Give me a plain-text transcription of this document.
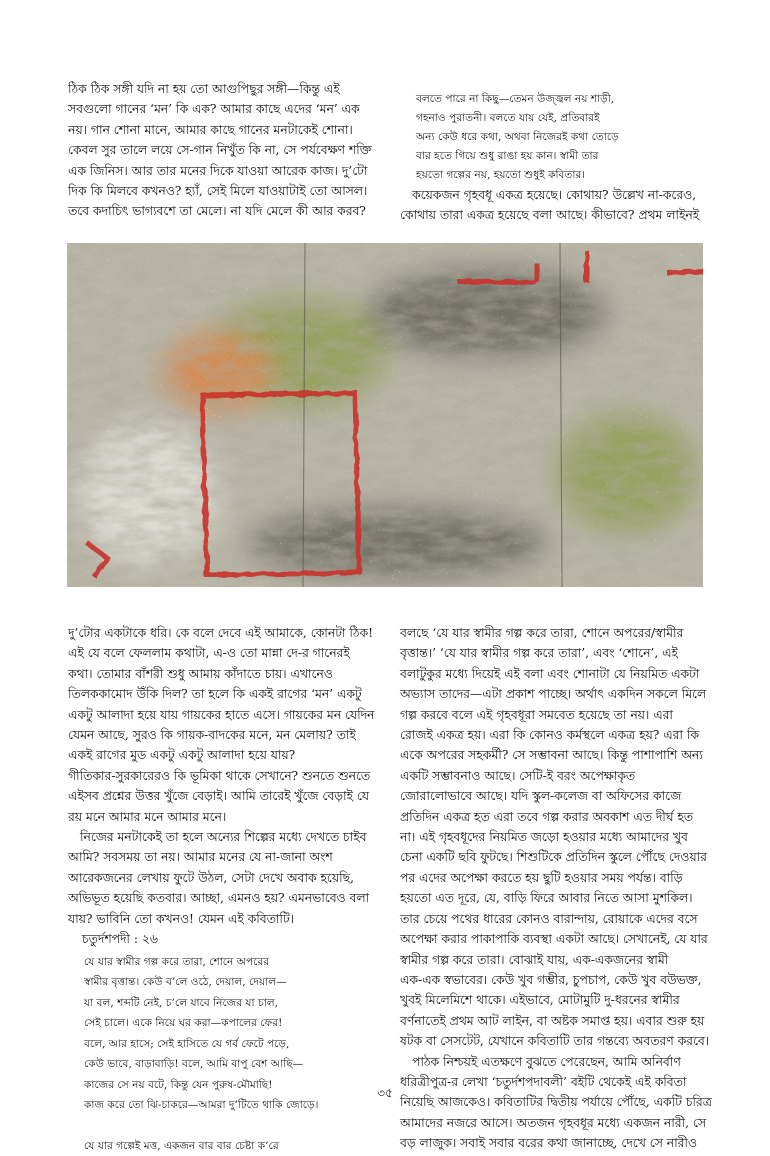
ঠিক ঠিক সঙ্গী যদি না হয় তো আগুপিছুর সঙ্গী—কিন্তু এই

সবগুলো গানের ‘মন’ কি এক? আমার কাছে এদের ‘মন’ এক

নয়। গান শোনা মানে, আমার কাছে গানের মনটাকেই শোনা।

কেবল সুর তালে লয়ে সে-গান নিখুঁত কি না, সে পর্যবেক্ষণ শক্তি

এক জিনিস। আর তার মনের দিকে যাওয়া আরেক কাজ। দু’টো

দিক কি মিলবে কখনও? হ্যাঁ, সেই মিলে যাওয়াটাই তো আসল।

তবে কদাচিৎ ভাগ্যবশে তা মেলে। না যদি মেলে কী আর করব?

বলতে পারে না কিছু—তেমন উজ্জ্বল নয় শাড়ী,
গহনাও পুরাতনী। বলতে যায় যেই, প্রতিবারই
অন্য কেউ ধরে কথা, অথবা নিজেরই কথা তোড়ে
বার হতে গিয়ে শুধু রাঙা হয় কান। স্বামী তার
হয়তো গল্পের নয়, হয়তো শুধুই কবিতার।

কয়েকজন গৃহবধূ একত্র হয়েছে। কোথায়? উল্লেখ না-করেও,

কোথায় তারা একত্র হয়েছে বলা আছে। কীভাবে? প্রথম লাইনই

দু’টোর একটাকে ধরি। কে বলে দেবে এই আমাকে, কোনটা ঠিক!

এই যে বলে ফেললাম কথাটা, এ-ও তো মান্না দে-র গানেরই

কথা। তোমার বাঁশরী শুধু আমায় কাঁদাতে চায়। এখানেও

তিলককামোদ উঁকি দিল? তা হলে কি একই রাগের ‘মন’ একটু

একটু আলাদা হয়ে যায় গায়কের হাতে এসে। গায়কের মন যেদিন

যেমন আছে, সুরও কি গায়ক-বাদকের মনে, মন মেলায়? তাই

একই রাগের মুড একটু একটু আলাদা হয়ে যায়?

গীতিকার-সুরকারেরও কি ভূমিকা থাকে সেখানে? শুনতে শুনতে

এইসব প্রশ্নের উত্তর খুঁজে বেড়াই। আমি তারেই খুঁজে বেড়াই যে

রয় মনে আমার মনে আমার মনে।

নিজের মনটাকেই তা হলে অন্যের শিল্পের মধ্যে দেখতে চাইব

আমি? সবসময় তা নয়। আমার মনের যে না-জানা অংশ

আরেকজনের লেখায় ফুটে উঠল, সেটা দেখে অবাক হয়েছি,

অভিভূত হয়েছি কতবার। আচ্ছা, এমনও হয়? এমনভাবেও বলা

যায়? ভাবিনি তো কখনও! যেমন এই কবিতাটি।

চতুর্দশপদী : ২৬

যে যার স্বামীর গল্প করে তারা, শোনে অপরের
স্বামীর বৃত্তান্ত। কেউ ব’লে ওঠে, দেয়াল, দেয়াল—
যা বল, শব্দটি নেই, চ’লে যাবে নিজের যা চাল,
সেই চালে। একে নিয়ে ঘর করা—কপালের ফের!
বলে, আর হাসে; সেই হাসিতে যে গর্ব ফেটে পড়ে,
কেউ ভাবে, বাড়াবাড়ি! বলে, আমি বাপু বেশ আছি—
কাজের সে নয় বটে, কিন্তু যেন পুরুষ-মৌমাছি!
কাজ করে তো ঝি-চাকরে—আমরা দু’টিতে থাকি জোড়ে।
যে যার গল্পেই মত্ত, একজন বার বার চেষ্টা ক’রে

বলছে ‘যে যার স্বামীর গল্প করে তারা, শোনে অপরের/স্বামীর

বৃত্তান্ত।’ ‘যে যার স্বামীর গল্প করে তারা’, এবং ‘শোনে’, এই

বলাটুকুর মধ্যে দিয়েই এই বলা এবং শোনাটা যে নিয়মিত একটা

অভ্যাস তাদের—এটা প্রকাশ পাচ্ছে। অর্থাৎ একদিন সকলে মিলে

গল্প করবে বলে এই গৃহবধূরা সমবেত হয়েছে তা নয়। এরা

রোজই একত্র হয়। এরা কি কোনও কর্মস্থলে একত্র হয়? এরা কি

একে অপরের সহকর্মী? সে সম্ভাবনা আছে। কিন্তু পাশাপাশি অন্য

একটি সম্ভাবনাও আছে। সেটি-ই বরং অপেক্ষাকৃত

জোরালোভাবে আছে। যদি স্কুল-কলেজ বা অফিসের কাজে

প্রতিদিন একত্র হত এরা তবে গল্প করার অবকাশ এত দীর্ঘ হত

না। এই গৃহবধূদের নিয়মিত জড়ো হওয়ার মধ্যে আমাদের খুব

চেনা একটি ছবি ফুটছে। শিশুটিকে প্রতিদিন স্কুলে পৌঁছে দেওয়ার

পর এদের অপেক্ষা করতে হয় ছুটি হওয়ার সময় পর্যন্ত। বাড়ি

হয়তো এত দূরে, যে, বাড়ি ফিরে আবার নিতে আসা মুশকিল।

তার চেয়ে পথের ধারের কোনও বারান্দায়, রোয়াকে এদের বসে

অপেক্ষা করার পাকাপাকি ব্যবস্থা একটা আছে। সেখানেই, যে যার

স্বামীর গল্প করে তারা। বোঝাই যায়, এক-একজনের স্বামী

এক-এক স্বভাবের। কেউ খুব গম্ভীর, চুপচাপ, কেউ খুব বউভক্ত,

খুবই মিলেমিশে থাকে। এইভাবে, মোটামুটি দু-ধরনের স্বামীর

বর্ণনাতেই প্রথম আট লাইন, বা অষ্টক সমাপ্ত হয়। এবার শুরু হয়

ষটক বা সেসটেট, যেখানে কবিতাটি তার গন্তব্যে অবতরণ করবে।

পাঠক নিশ্চয়ই এতক্ষণে বুঝতে পেরেছেন, আমি অনির্বাণ

ধরিত্রীপুত্র-র লেখা ‘চতুর্দশপদাবলী’ বইটি থেকেই এই কবিতা

নিয়েছি আজকেও। কবিতাটির দ্বিতীয় পর্যায়ে পৌঁছে, একটি চরিত্র

আমাদের নজরে আসে। অতজন গৃহবধূর মধ্যে একজন নারী, সে

বড় লাজুক। সবাই সবার বরের কথা জানাচ্ছে, দেখে সে নারীও

৩৫
